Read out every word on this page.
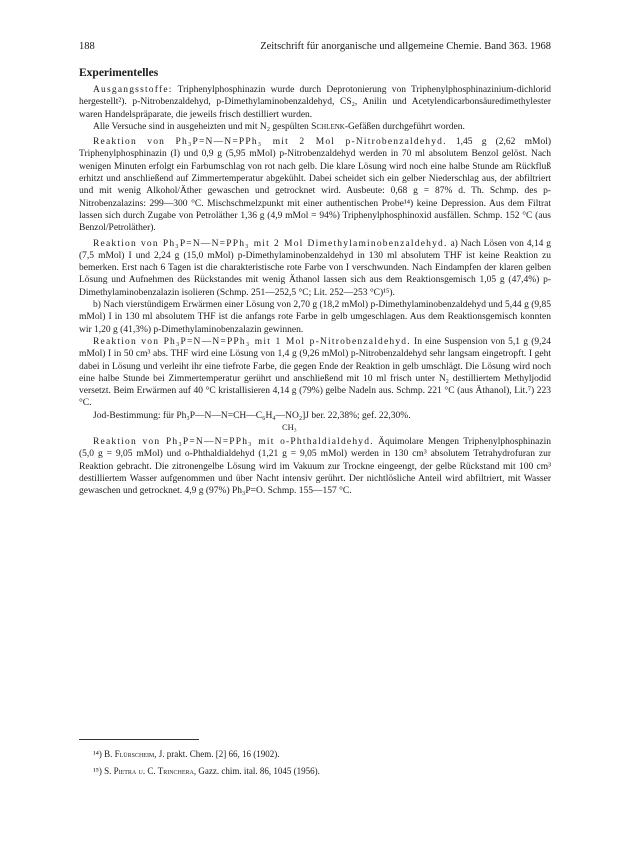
188	Zeitschrift für anorganische und allgemeine Chemie. Band 363. 1968
Experimentelles

Ausgangsstoffe: Triphenylphosphinazin wurde durch Deprotonierung von Triphenylphosphinazinium-dichlorid hergestellt²). p-Nitrobenzaldehyd, p-Dimethylaminobenzaldehyd, CS₂, Anilin und Acetylendicarbonsäuredimethylester waren Handelspräparate, die jeweils frisch destilliert wurden.

Alle Versuche sind in ausgeheizten und mit N₂ gespülten Schlenk-Gefäßen durchgeführt worden.

Reaktion von Ph₃P=N—N=PPh₃ mit 2 Mol p-Nitrobenzaldehyd. 1,45 g (2,62 mMol) Triphenylphosphinazin (I) und 0,9 g (5,95 mMol) p-Nitrobenzaldehyd werden in 70 ml absolutem Benzol gelöst. Nach wenigen Minuten erfolgt ein Farbumschlag von rot nach gelb. Die klare Lösung wird noch eine halbe Stunde am Rückfluß erhitzt und anschließend auf Zimmertemperatur abgekühlt. Dabei scheidet sich ein gelber Niederschlag aus, der abfiltriert und mit wenig Alkohol/Äther gewaschen und getrocknet wird. Ausbeute: 0,68 g = 87% d. Th. Schmp. des p-Nitrobenzalazins: 299—300 °C. Mischschmelzpunkt mit einer authentischen Probe¹⁴) keine Depression. Aus dem Filtrat lassen sich durch Zugabe von Petroläther 1,36 g (4,9 mMol = 94%) Triphenylphosphinoxid ausfällen. Schmp. 152 °C (aus Benzol/Petroläther).

Reaktion von Ph₃P=N—N=PPh₃ mit 2 Mol Dimethylaminobenzaldehyd. a) Nach Lösen von 4,14 g (7,5 mMol) I und 2,24 g (15,0 mMol) p-Dimethylaminobenzaldehyd in 130 ml absolutem THF ist keine Reaktion zu bemerken. Erst nach 6 Tagen ist die charakteristische rote Farbe von I verschwunden. Nach Eindampfen der klaren gelben Lösung und Aufnehmen des Rückstandes mit wenig Äthanol lassen sich aus dem Reaktionsgemisch 1,05 g (47,4%) p-Dimethylaminobenzalazin isolieren (Schmp. 251—252,5 °C; Lit. 252—253 °C)¹⁵).

b) Nach vierstündigem Erwärmen einer Lösung von 2,70 g (18,2 mMol) p-Dimethylaminobenzaldehyd und 5,44 g (9,85 mMol) I in 130 ml absolutem THF ist die anfangs rote Farbe in gelb umgeschlagen. Aus dem Reaktionsgemisch konnten wir 1,20 g (41,3%) p-Dimethylaminobenzalazin gewinnen.

Reaktion von Ph₃P=N—N=PPh₃ mit 1 Mol p-Nitrobenzaldehyd. In eine Suspension von 5,1 g (9,24 mMol) I in 50 cm³ abs. THF wird eine Lösung von 1,4 g (9,26 mMol) p-Nitrobenzaldehyd sehr langsam eingetropft. I geht dabei in Lösung und verleiht ihr eine tiefrote Farbe, die gegen Ende der Reaktion in gelb umschlägt. Die Lösung wird noch eine halbe Stunde bei Zimmertemperatur gerührt und anschließend mit 10 ml frisch unter N₂ destilliertem Methyljodid versetzt. Beim Erwärmen auf 40 °C kristallisieren 4,14 g (79%) gelbe Nadeln aus. Schmp. 221 °C (aus Äthanol), Lit.⁷) 223 °C.

Jod-Bestimmung: für Ph₃P—N—N=CH—C₆H₄—NO₂]J ber. 22,38%; gef. 22,30%.
CH₃

Reaktion von Ph₃P=N—N=PPh₃ mit o-Phthaldialdehyd. Äquimolare Mengen Triphenylphosphinazin (5,0 g = 9,05 mMol) und o-Phthaldialdehyd (1,21 g = 9,05 mMol) werden in 130 cm³ absolutem Tetrahydrofuran zur Reaktion gebracht. Die zitronengelbe Lösung wird im Vakuum zur Trockne eingeengt, der gelbe Rückstand mit 100 cm³ destilliertem Wasser aufgenommen und über Nacht intensiv gerührt. Der nichtlösliche Anteil wird abfiltriert, mit Wasser gewaschen und getrocknet. 4,9 g (97%) Ph₃P=O. Schmp. 155—157 °C.

¹⁴) B. Flürscheim, J. prakt. Chem. [2] 66, 16 (1902).
¹⁵) S. Pietra u. C. Trinchera, Gazz. chim. ital. 86, 1045 (1956).
